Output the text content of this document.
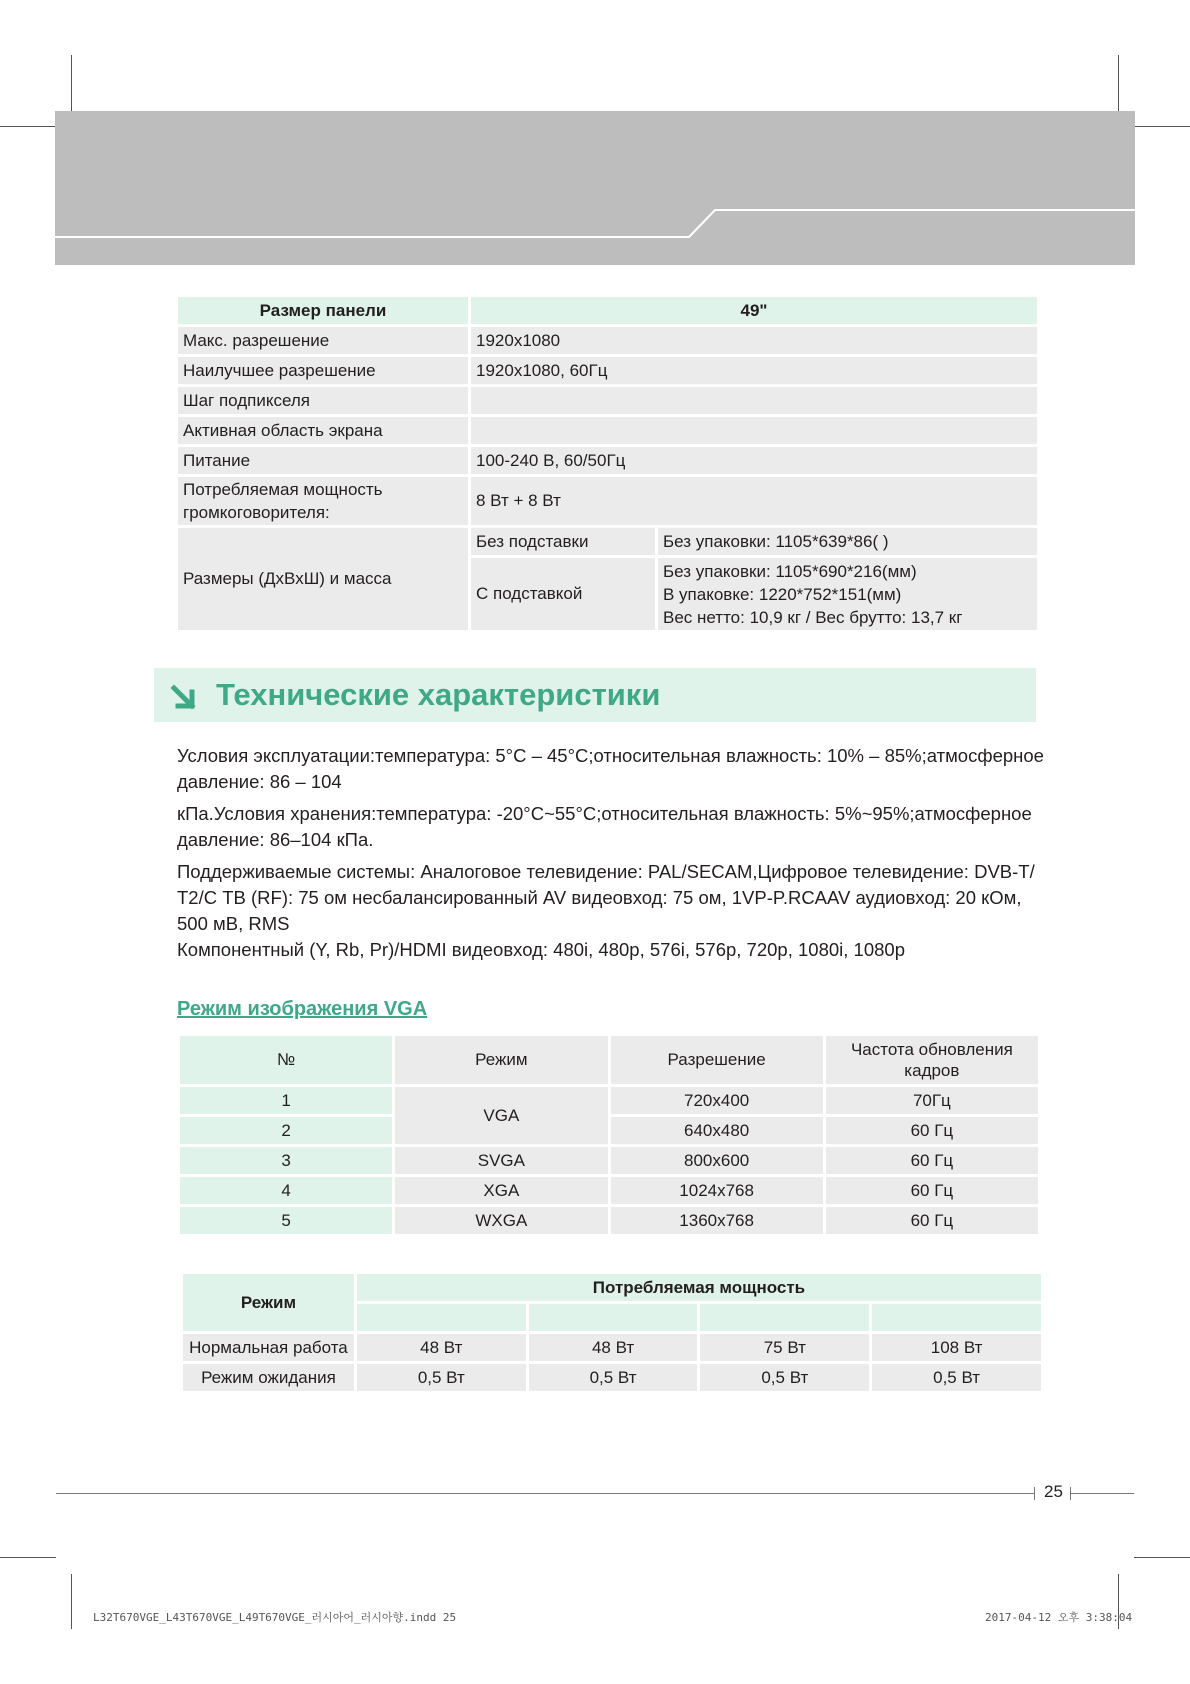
Размер панели	49"	
Макс. разрешение	1920x1080	
Наилучшее разрешение	1920x1080, 60Гц	
Шаг подпикселя		
Активная область экрана		
Питание	100-240 В, 60/50Гц	

Потребляемая мощность
громкоговорителя:	8 Вт + 8 Вт	
Размеры (ДхВхШ) и масса	Без подставки	Без упаковки: 1105*639*86( )
	С подставкой	Без упаковки: 1105*690*216(мм)
В упаковке: 1220*752*151(мм)
Вес нетто: 10,9 кг / Вес брутто: 13,7 кг
Технические характеристики
Условия эксплуатации:температура: 5°C – 45°C;относительная влажность: 10% – 85%;атмосферное давление: 86 – 104
кПа.Условия хранения:температура: -20°C~55°C;относительная влажность: 5%~95%;атмосферное давление: 86–104 кПа.
Поддерживаемые системы: Аналоговое телевидение: PAL/SECAM,Цифровое телевидение: DVB-T/ T2/C ТВ (RF): 75 ом несбалансированный AV видеовход: 75 ом, 1VP-P.RCAAV аудиовход: 20 кОм, 500 мВ, RMS
Компонентный (Y, Rb, Pr)/HDMI видеовход: 480i, 480p, 576i, 576p, 720p, 1080i, 1080p
Режим изображения VGA
№	Режим	Разрешение	Частота обновления
кадров

1	VGA	720x400	70Гц
2		640x480	60 Гц
3	SVGA	800x600	60 Гц
4	XGA	1024x768	60 Гц
5	WXGA	1360x768	60 Гц
Режим	Потребляемая мощность			

Нормальная работа	48 Вт	48 Вт	75 Вт	108 Вт
Режим ожидания	0,5 Вт	0,5 Вт	0,5 Вт	0,5 Вт
25
L32T670VGE_L43T670VGE_L49T670VGE_러시아어_러시아향.indd 25	2017-04-12 오후 3:38:04
